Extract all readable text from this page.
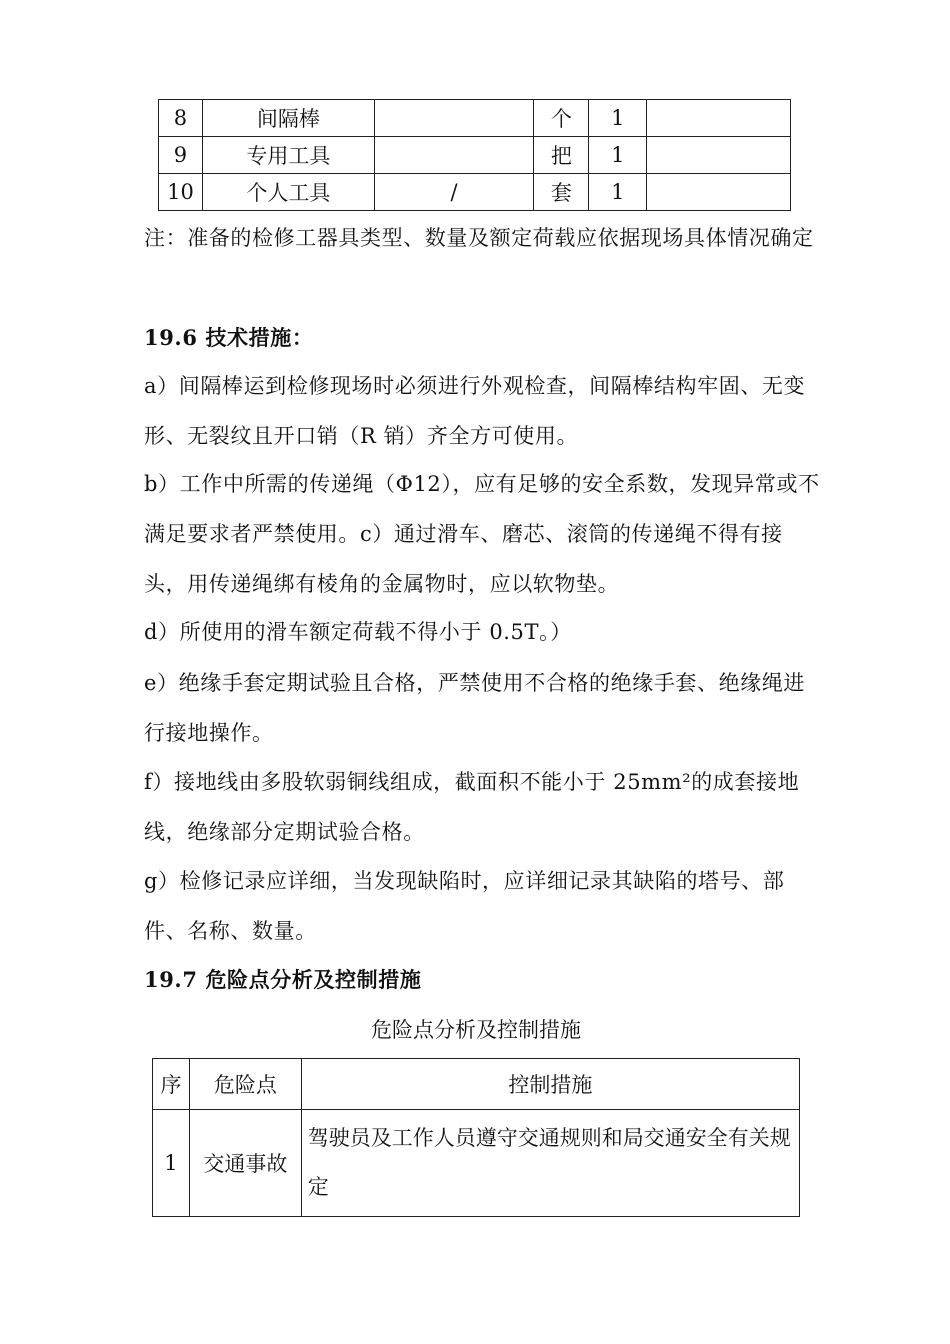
8	间隔棒		个	1	
9	专用工具		把	1	
10	个人工具	/	套	1	
注：准备的检修工器具类型、数量及额定荷载应依据现场具体情况确定
19.6 技术措施：
a）间隔棒运到检修现场时必须进行外观检查，间隔棒结构牢固、无变形、无裂纹且开口销（R 销）齐全方可使用。
b）工作中所需的传递绳（Φ12），应有足够的安全系数，发现异常或不满足要求者严禁使用。c）通过滑车、磨芯、滚筒的传递绳不得有接头，用传递绳绑有棱角的金属物时，应以软物垫。
d）所使用的滑车额定荷载不得小于 0.5T。）
e）绝缘手套定期试验且合格，严禁使用不合格的绝缘手套、绝缘绳进行接地操作。
f）接地线由多股软弱铜线组成，截面积不能小于 25mm²的成套接地线，绝缘部分定期试验合格。
g）检修记录应详细，当发现缺陷时，应详细记录其缺陷的塔号、部件、名称、数量。
19.7 危险点分析及控制措施
危险点分析及控制措施
序	危险点	控制措施
1	交通事故	驾驶员及工作人员遵守交通规则和局交通安全有关规定
